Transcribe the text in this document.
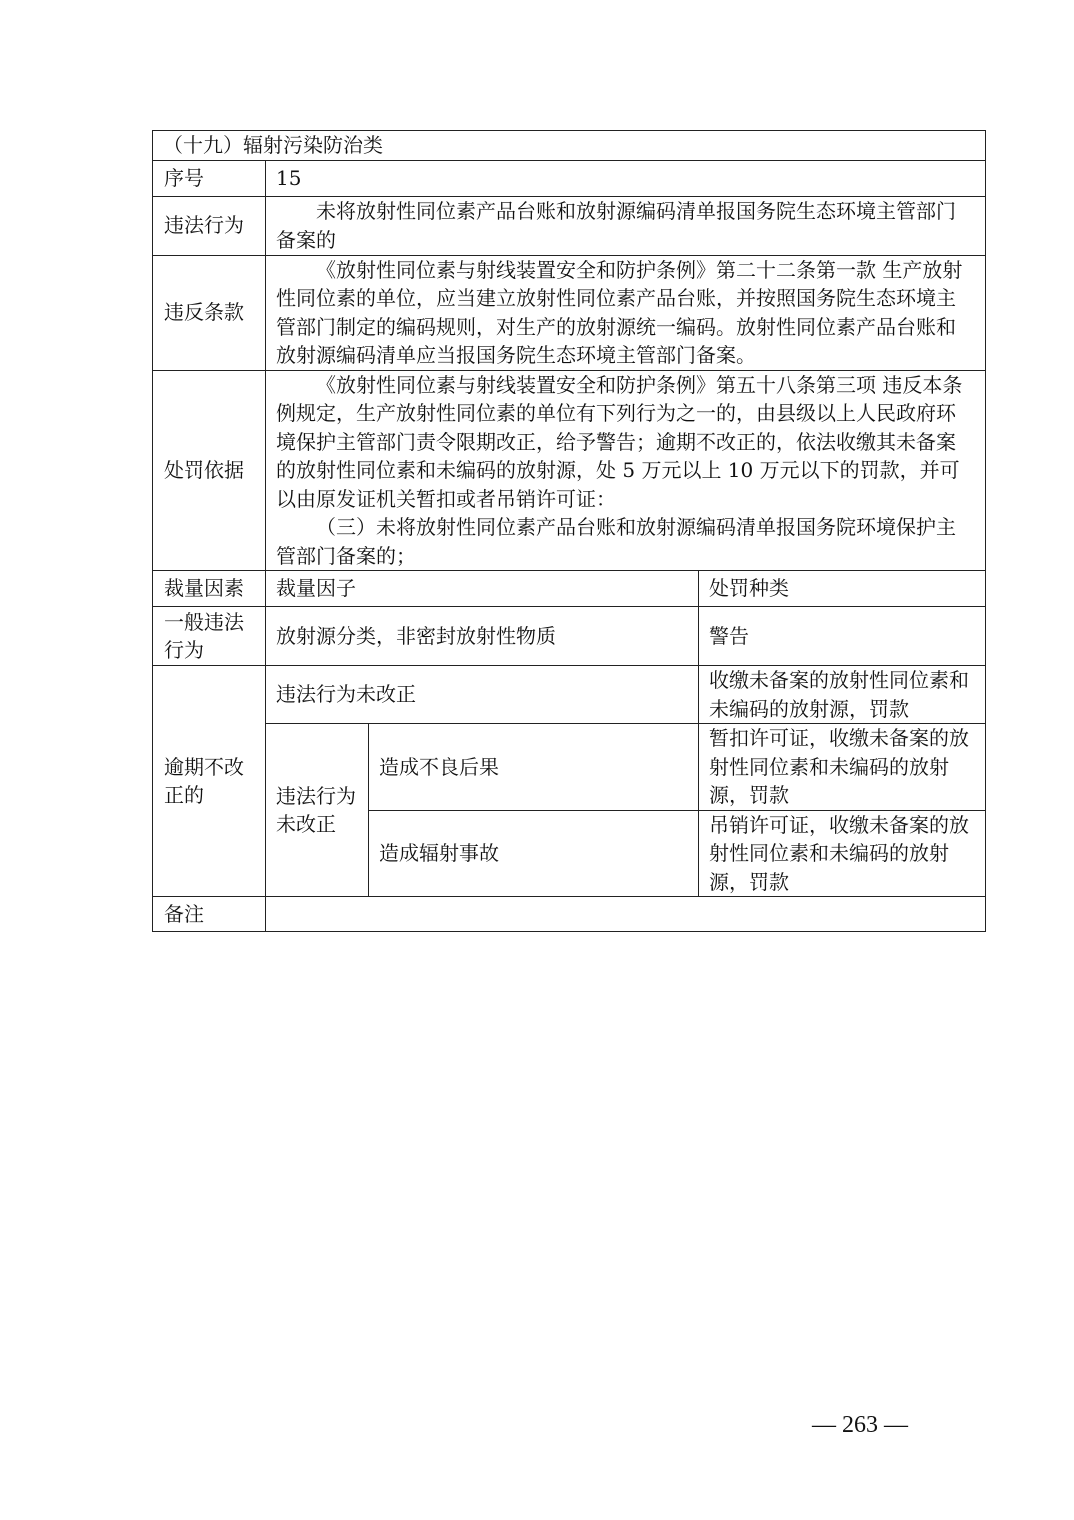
（十九）辐射污染防治类			
序号	15		
违法行为	未将放射性同位素产品台账和放射源编码清单报国务院生态环境主管部门备案的		
违反条款	《放射性同位素与射线装置安全和防护条例》第二十二条第一款 生产放射性同位素的单位，应当建立放射性同位素产品台账，并按照国务院生态环境主管部门制定的编码规则，对生产的放射源统一编码。放射性同位素产品台账和放射源编码清单应当报国务院生态环境主管部门备案。		
处罚依据	《放射性同位素与射线装置安全和防护条例》第五十八条第三项 违反本条例规定，生产放射性同位素的单位有下列行为之一的，由县级以上人民政府环境保护主管部门责令限期改正，给予警告；逾期不改正的，依法收缴其未备案的放射性同位素和未编码的放射源，处 5 万元以上 10 万元以下的罚款，并可以由原发证机关暂扣或者吊销许可证：
（三）未将放射性同位素产品台账和放射源编码清单报国务院环境保护主管部门备案的；		

裁量因素	裁量因子		处罚种类
一般违法行为	放射源分类，非密封放射性物质		警告
逾期不改正的	违法行为未改正		收缴未备案的放射性同位素和未编码的放射源，罚款
	违法行为未改正	造成不良后果	暂扣许可证，收缴未备案的放射性同位素和未编码的放射源，罚款
		造成辐射事故	吊销许可证，收缴未备案的放射性同位素和未编码的放射源，罚款
备注			
— 263 —
